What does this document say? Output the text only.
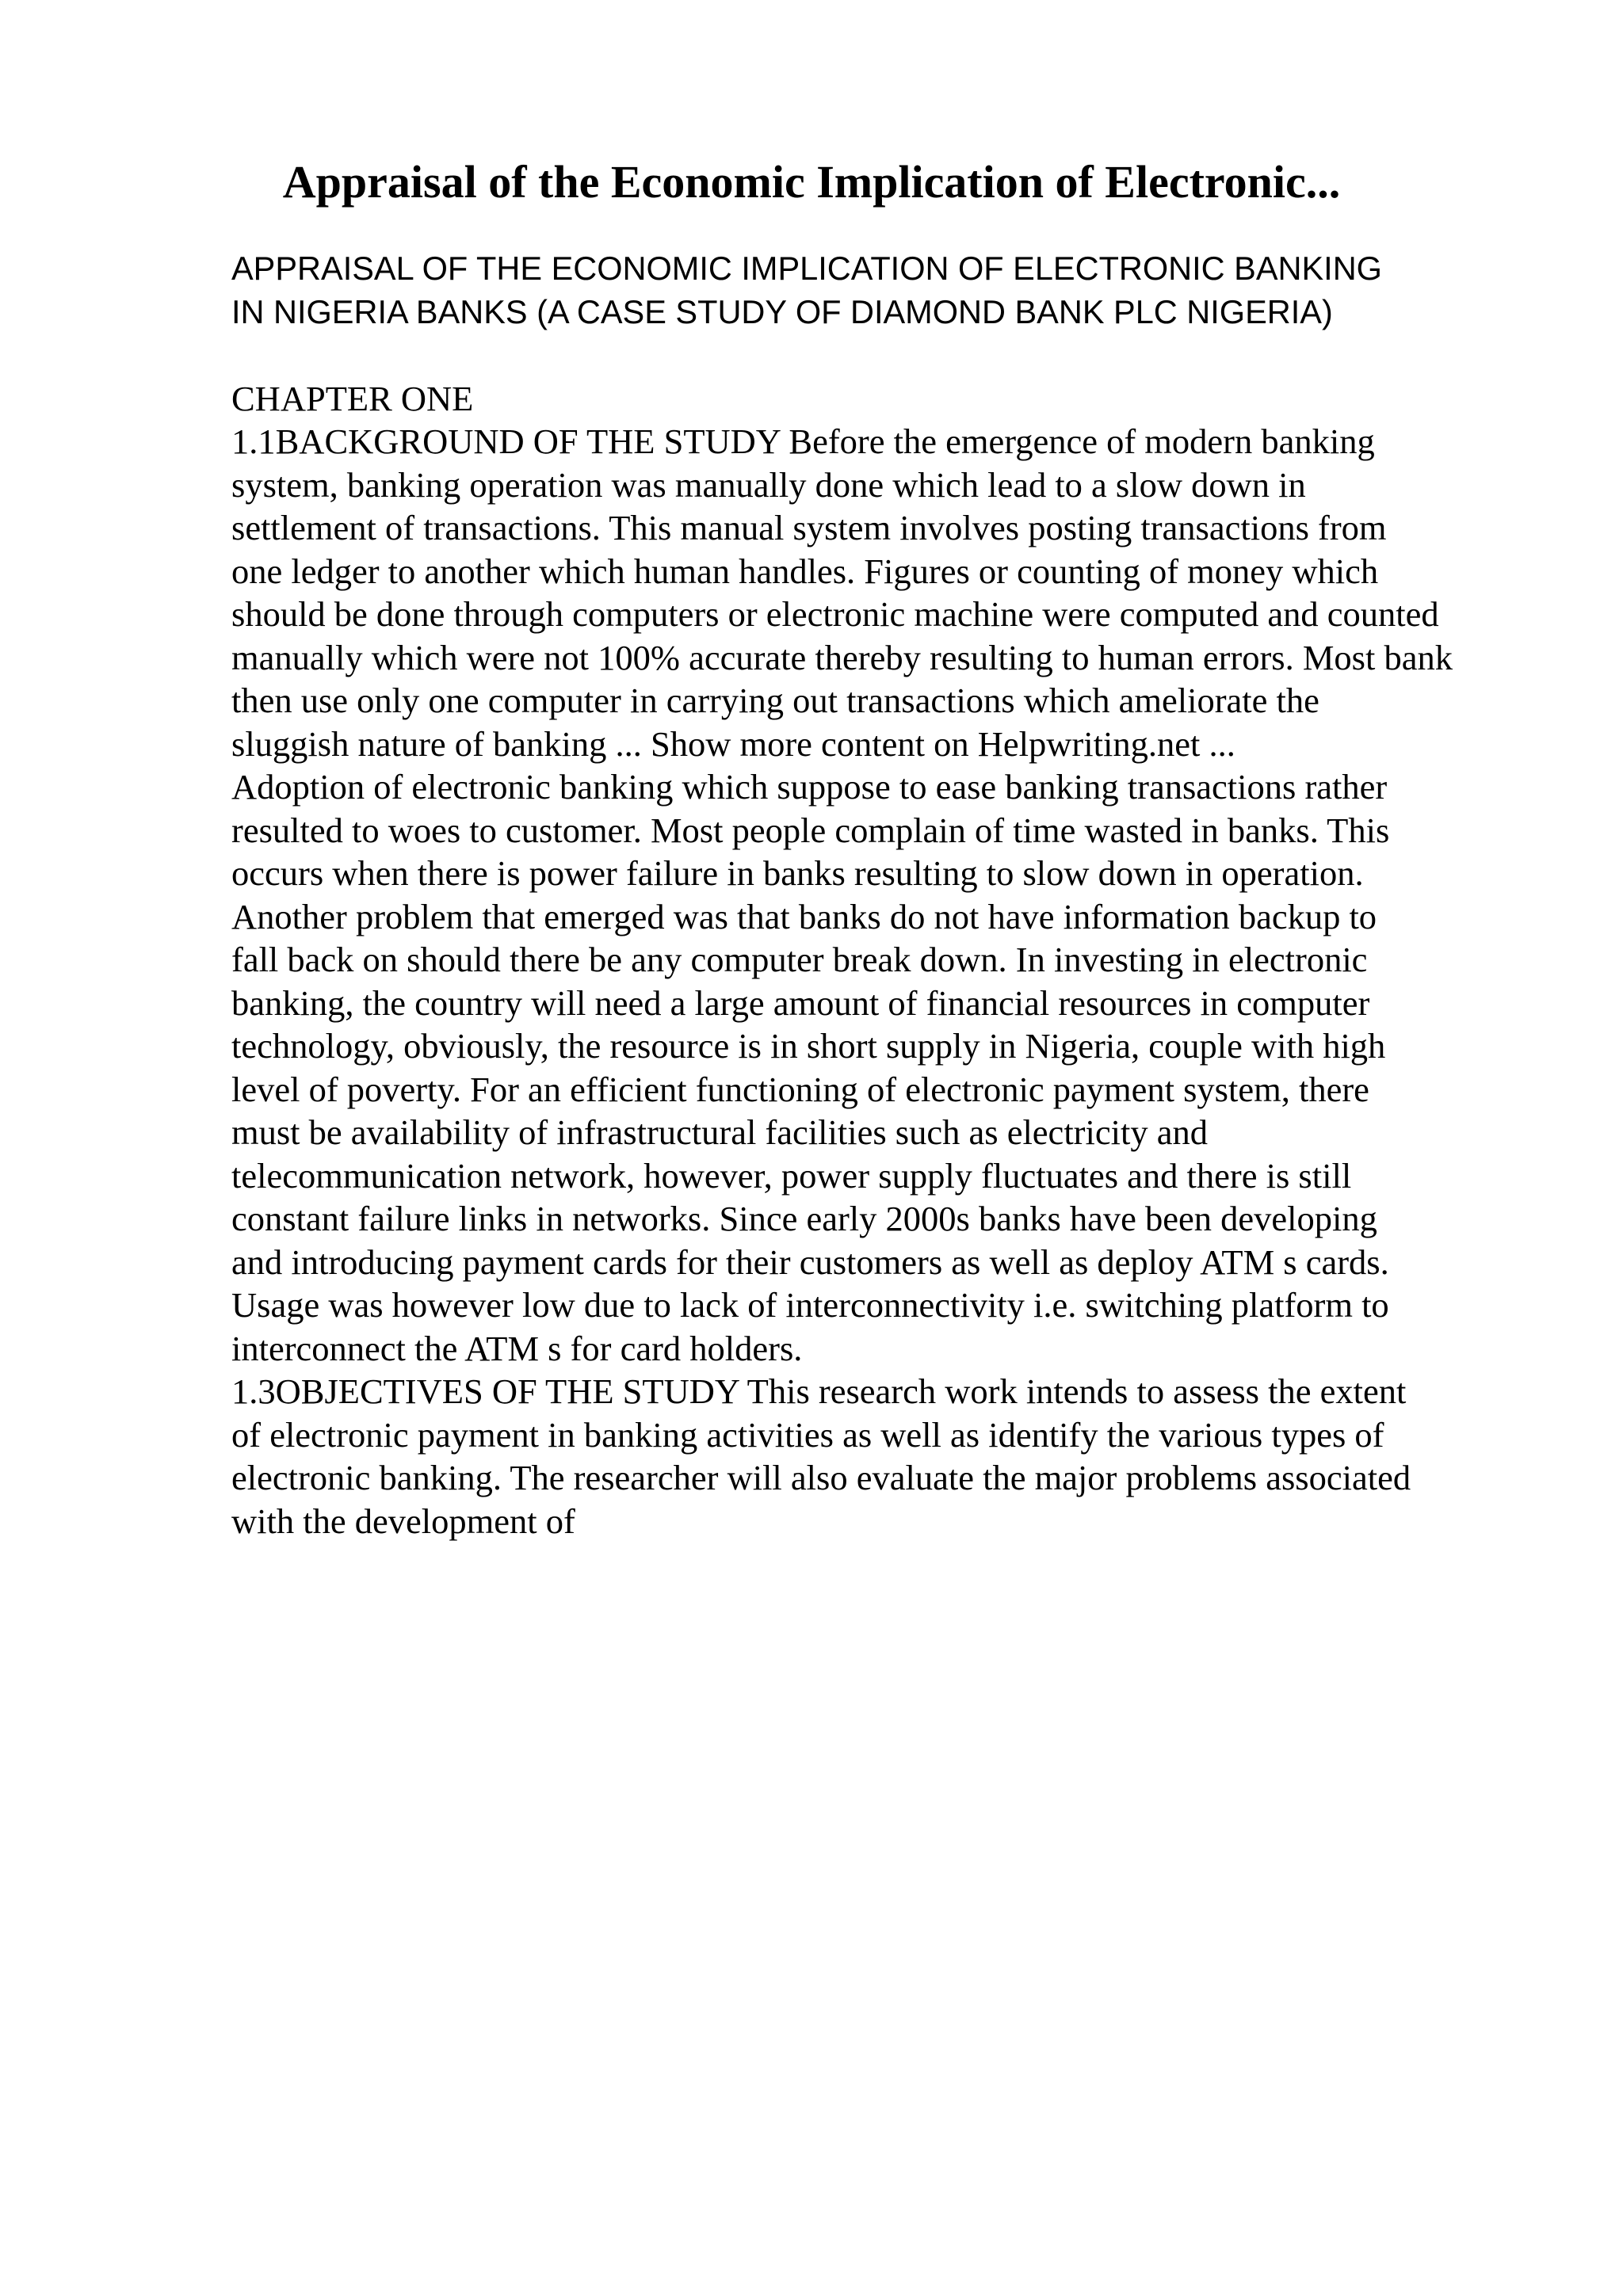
Appraisal of the Economic Implication of Electronic...
APPRAISAL OF THE ECONOMIC IMPLICATION OF ELECTRONIC BANKING
IN NIGERIA BANKS (A CASE STUDY OF DIAMOND BANK PLC NIGERIA)
CHAPTER ONE
1.1BACKGROUND OF THE STUDY Before the emergence of modern banking
system, banking operation was manually done which lead to a slow down in
settlement of transactions. This manual system involves posting transactions from
one ledger to another which human handles. Figures or counting of money which
should be done through computers or electronic machine were computed and counted
manually which were not 100% accurate thereby resulting to human errors. Most bank
then use only one computer in carrying out transactions which ameliorate the
sluggish nature of banking ... Show more content on Helpwriting.net ...
Adoption of electronic banking which suppose to ease banking transactions rather
resulted to woes to customer. Most people complain of time wasted in banks. This
occurs when there is power failure in banks resulting to slow down in operation.
Another problem that emerged was that banks do not have information backup to
fall back on should there be any computer break down. In investing in electronic
banking, the country will need a large amount of financial resources in computer
technology, obviously, the resource is in short supply in Nigeria, couple with high
level of poverty. For an efficient functioning of electronic payment system, there
must be availability of infrastructural facilities such as electricity and
telecommunication network, however, power supply fluctuates and there is still
constant failure links in networks. Since early 2000s banks have been developing
and introducing payment cards for their customers as well as deploy ATM s cards.
Usage was however low due to lack of interconnectivity i.e. switching platform to
interconnect the ATM s for card holders.
1.3OBJECTIVES OF THE STUDY This research work intends to assess the extent
of electronic payment in banking activities as well as identify the various types of
electronic banking. The researcher will also evaluate the major problems associated
with the development of
